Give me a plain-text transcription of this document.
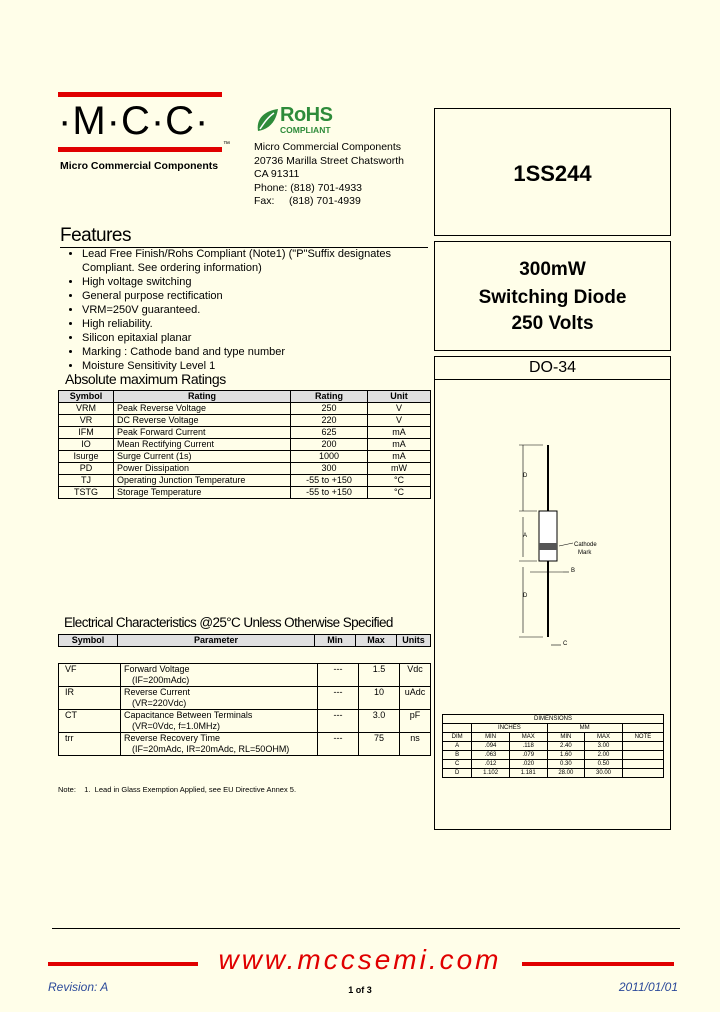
·M·C·C·
™
Micro Commercial Components
RoHS
COMPLIANT
Micro Commercial Components
20736 Marilla Street Chatsworth
CA 91311
Phone: (818) 701-4933
Fax:     (818) 701-4939
1SS244
300mW
Switching Diode
250 Volts
DO-34
D
A
B
D
C
Cathode
Mark
DIMENSIONS					
	INCHES		MM		
DIM	MIN	MAX	MIN	MAX	NOTE
A	.094	.118	2.40	3.00	
B	.063	.079	1.60	2.00	
C	.012	.020	0.30	0.50	
D	1.102	1.181	28.00	30.00	
Features
• Lead Free Finish/Rohs Compliant (Note1) ("P"Suffix designates Compliant. See ordering information)
• High voltage switching
• General purpose rectification
• VRM=250V guaranteed.
• High reliability.
• Silicon epitaxial planar
• Marking : Cathode band and type number
• Moisture Sensitivity Level 1
Absolute maximum Ratings
Symbol	Rating	Rating	Unit
VRM	Peak Reverse Voltage	250	V
VR	DC Reverse Voltage	220	V
IFM	Peak Forward Current	625	mA
IO	Mean Rectifying Current	200	mA
Isurge	Surge Current (1s)	1000	mA
PD	Power Dissipation	300	mW
TJ	Operating Junction Temperature	-55 to +150	°C
TSTG	Storage Temperature	-55 to +150	°C
Electrical Characteristics @25°C Unless Otherwise Specified
Symbol	Parameter	Min	Max	Units
VF	Forward Voltage
(IF=200mAdc)	---	1.5	Vdc
IR	Reverse Current
(VR=220Vdc)	---	10	uAdc
CT	Capacitance Between Terminals
(VR=0Vdc, f=1.0MHz)	---	3.0	pF
trr	Reverse Recovery Time
(IF=20mAdc, IR=20mAdc, RL=50OHM)	---	75	ns
Note:    1.  Lead in Glass Exemption Applied, see EU Directive Annex 5.
www.mccsemi.com
Revision: A	1 of 3	2011/01/01
